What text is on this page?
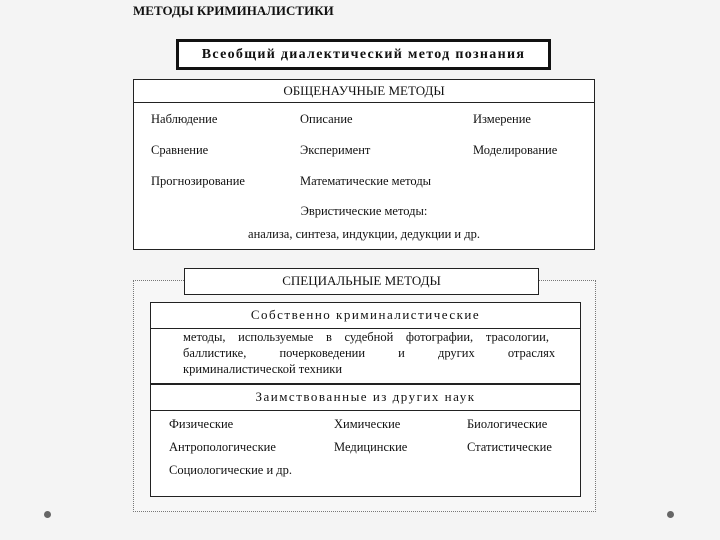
МЕТОДЫ КРИМИНАЛИСТИКИ
Всеобщий диалектический метод познания
ОБЩЕНАУЧНЫЕ МЕТОДЫ
Наблюдение	Описание	Измерение
Сравнение	Эксперимент	Моделирование
Прогнозирование	Математические методы
Эвристические методы:
анализа, синтеза, индукции, дедукции и др.
СПЕЦИАЛЬНЫЕ МЕТОДЫ
Собственно криминалистические
методы, используемые в судебной фотографии, трасологии,
баллистике, почерковедении и других отраслях
криминалистической техники
Заимствованные из других наук
Физические	Химические	Биологические
Антропологические	Медицинские	Статистические
Социологические и др.
